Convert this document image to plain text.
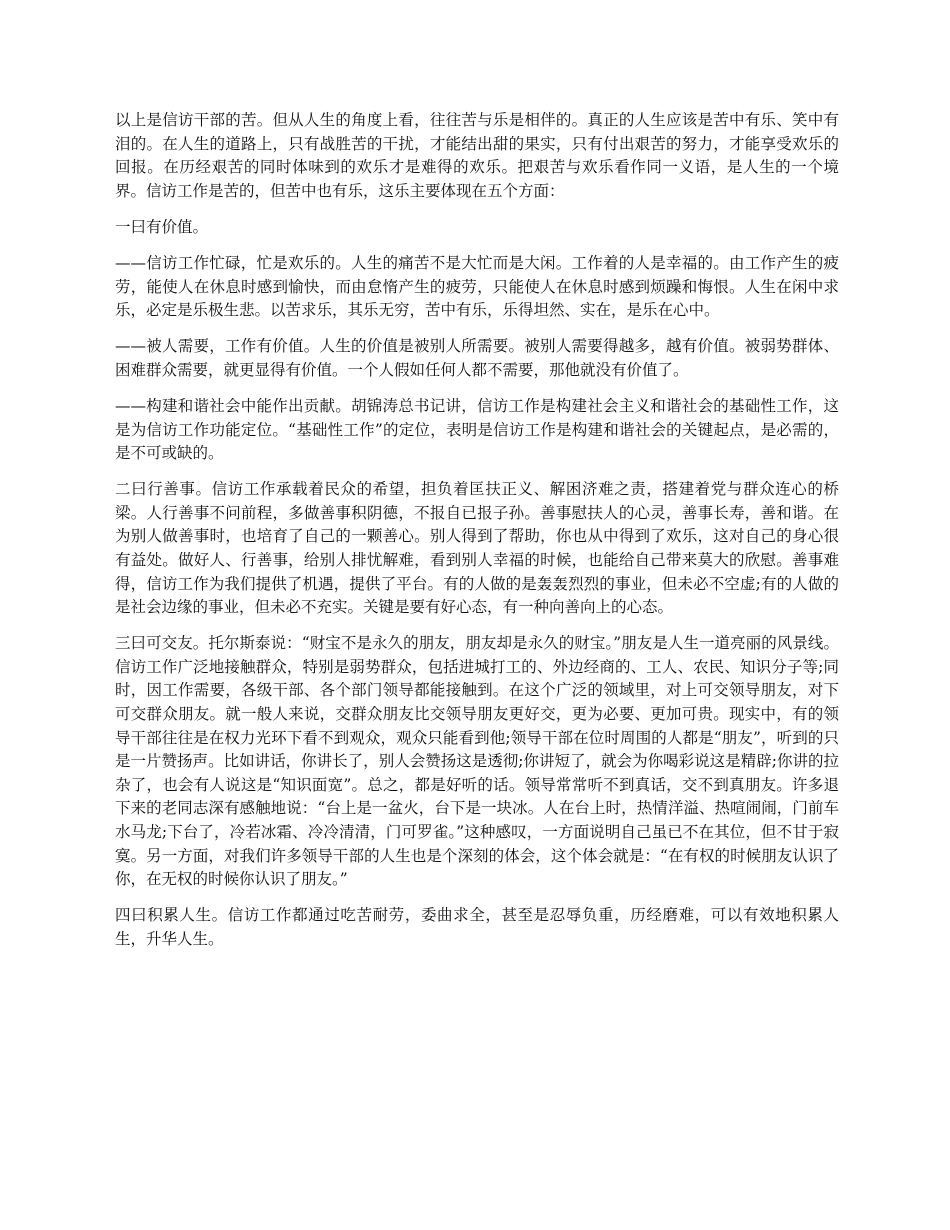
以上是信访干部的苦。但从人生的角度上看，往往苦与乐是相伴的。真正的人生应该是苦中有乐、笑中有泪的。在人生的道路上，只有战胜苦的干扰，才能结出甜的果实，只有付出艰苦的努力，才能享受欢乐的回报。在历经艰苦的同时体味到的欢乐才是难得的欢乐。把艰苦与欢乐看作同一义语，是人生的一个境界。信访工作是苦的，但苦中也有乐，这乐主要体现在五个方面：

一曰有价值。

——信访工作忙碌，忙是欢乐的。人生的痛苦不是大忙而是大闲。工作着的人是幸福的。由工作产生的疲劳，能使人在休息时感到愉快，而由怠惰产生的疲劳，只能使人在休息时感到烦躁和悔恨。人生在闲中求乐，必定是乐极生悲。以苦求乐，其乐无穷，苦中有乐，乐得坦然、实在，是乐在心中。

——被人需要，工作有价值。人生的价值是被别人所需要。被别人需要得越多，越有价值。被弱势群体、困难群众需要，就更显得有价值。一个人假如任何人都不需要，那他就没有价值了。

——构建和谐社会中能作出贡献。胡锦涛总书记讲，信访工作是构建社会主义和谐社会的基础性工作，这是为信访工作功能定位。“基础性工作”的定位，表明是信访工作是构建和谐社会的关键起点，是必需的，是不可或缺的。

二曰行善事。信访工作承载着民众的希望，担负着匡扶正义、解困济难之责，搭建着党与群众连心的桥梁。人行善事不问前程，多做善事积阴德，不报自已报子孙。善事慰扶人的心灵，善事长寿，善和谐。在为别人做善事时，也培育了自己的一颗善心。别人得到了帮助，你也从中得到了欢乐，这对自己的身心很有益处。做好人、行善事，给别人排忧解难，看到别人幸福的时候，也能给自己带来莫大的欣慰。善事难得，信访工作为我们提供了机遇，提供了平台。有的人做的是轰轰烈烈的事业，但未必不空虚;有的人做的是社会边缘的事业，但未必不充实。关键是要有好心态，有一种向善向上的心态。

三曰可交友。托尔斯泰说：“财宝不是永久的朋友，朋友却是永久的财宝。”朋友是人生一道亮丽的风景线。信访工作广泛地接触群众，特别是弱势群众，包括进城打工的、外边经商的、工人、农民、知识分子等;同时，因工作需要，各级干部、各个部门领导都能接触到。在这个广泛的领域里，对上可交领导朋友，对下可交群众朋友。就一般人来说，交群众朋友比交领导朋友更好交，更为必要、更加可贵。现实中，有的领导干部往往是在权力光环下看不到观众，观众只能看到他;领导干部在位时周围的人都是“朋友”，听到的只是一片赞扬声。比如讲话，你讲长了，别人会赞扬这是透彻;你讲短了，就会为你喝彩说这是精辟;你讲的拉杂了，也会有人说这是“知识面宽”。总之，都是好听的话。领导常常听不到真话，交不到真朋友。许多退下来的老同志深有感触地说：“台上是一盆火，台下是一块冰。人在台上时，热情洋溢、热喧闹闹，门前车水马龙;下台了，冷若冰霜、冷冷清清，门可罗雀。”这种感叹，一方面说明自己虽已不在其位，但不甘于寂寞。另一方面，对我们许多领导干部的人生也是个深刻的体会，这个体会就是：“在有权的时候朋友认识了你，在无权的时候你认识了朋友。”

四曰积累人生。信访工作都通过吃苦耐劳，委曲求全，甚至是忍辱负重，历经磨难，可以有效地积累人生，升华人生。
